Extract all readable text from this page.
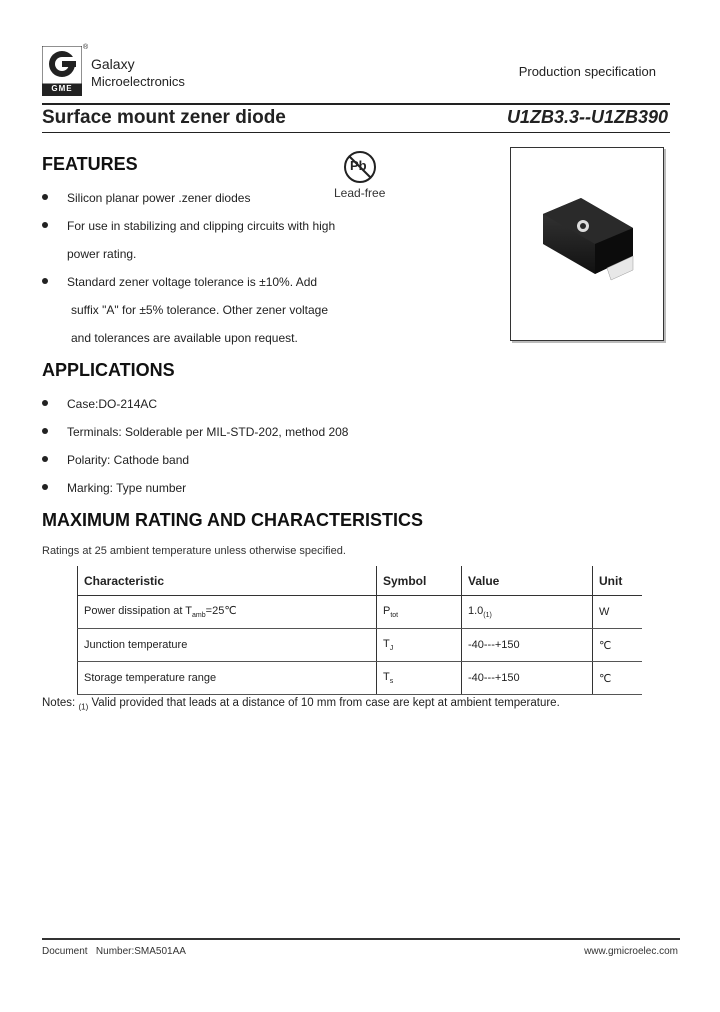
GME
®
Galaxy
Microelectronics
Production specification
Surface mount zener diode	U1ZB3.3--U1ZB390
FEATURES
Silicon planar power .zener diodes
For use in stabilizing and clipping circuits with high
power rating.
Standard zener voltage tolerance is ±10%. Add
suffix "A" for ±5% tolerance. Other zener voltage
and tolerances are available upon request.
Pb
Lead-free
APPLICATIONS
Case:DO-214AC
Terminals: Solderable per MIL-STD-202, method 208
Polarity: Cathode band
Marking: Type number
MAXIMUM RATING AND CHARACTERISTICS
Ratings at 25 ambient temperature unless otherwise specified.
Characteristic	Symbol	Value	Unit
Power dissipation at $T_{amb}=25℃$	$P_{tot}$	$1.0_{(1)}$	W
Junction temperature	$T_J$	-40---+150	℃
Storage temperature range	$T_s$	-40---+150	℃
Notes: $_{(1)}$ Valid provided that leads at a distance of 10 mm from case are kept at ambient temperature.
Document   Number:SMA501AA	www.gmicroelec.com
